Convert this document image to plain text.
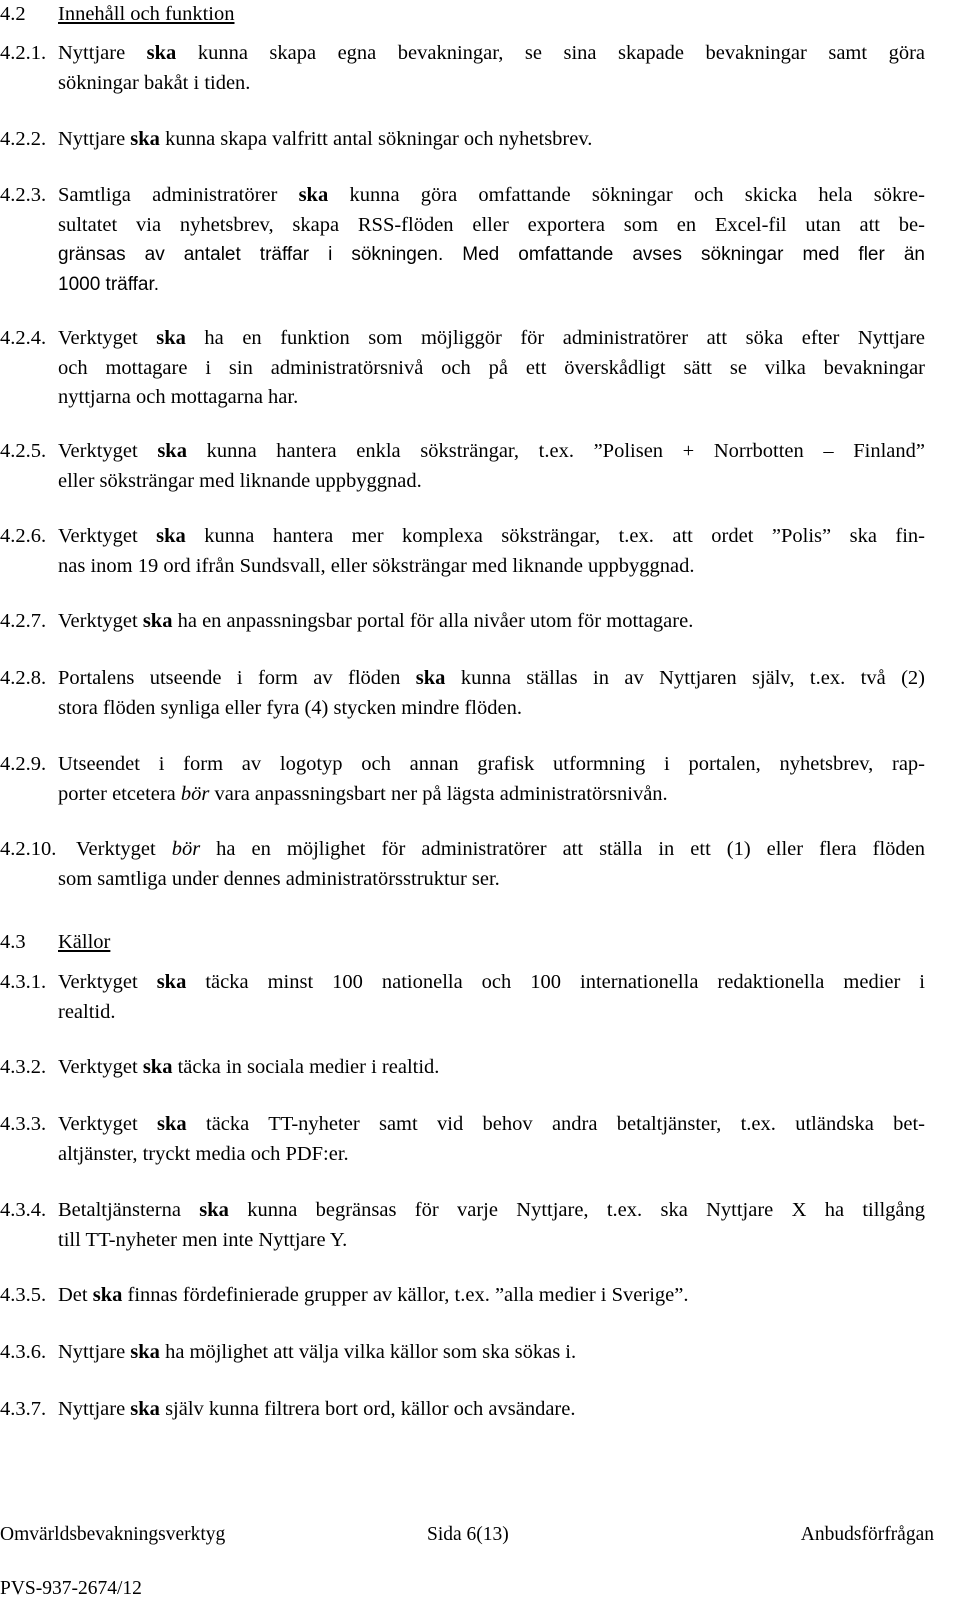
4.2 Innehåll och funktion
4.2.1. Nyttjare ska kunna skapa egna bevakningar, se sina skapade bevakningar samt göra
sökningar bakåt i tiden.
4.2.2. Nyttjare ska kunna skapa valfritt antal sökningar och nyhetsbrev.
4.2.3. Samtliga administratörer ska kunna göra omfattande sökningar och skicka hela sökre-
sultatet via nyhetsbrev, skapa RSS-flöden eller exportera som en Excel-fil utan att be-
gränsas av antalet träffar i sökningen. Med omfattande avses sökningar med fler än
1000 träffar.
4.2.4. Verktyget ska ha en funktion som möjliggör för administratörer att söka efter Nyttjare
och mottagare i sin administratörsnivå och på ett överskådligt sätt se vilka bevakningar
nyttjarna och mottagarna har.
4.2.5. Verktyget ska kunna hantera enkla söksträngar, t.ex. ”Polisen + Norrbotten – Finland”
eller söksträngar med liknande uppbyggnad.
4.2.6. Verktyget ska kunna hantera mer komplexa söksträngar, t.ex. att ordet ”Polis” ska fin-
nas inom 19 ord ifrån Sundsvall, eller söksträngar med liknande uppbyggnad.
4.2.7. Verktyget ska ha en anpassningsbar portal för alla nivåer utom för mottagare.
4.2.8. Portalens utseende i form av flöden ska kunna ställas in av Nyttjaren själv, t.ex. två (2)
stora flöden synliga eller fyra (4) stycken mindre flöden.
4.2.9. Utseendet i form av logotyp och annan grafisk utformning i portalen, nyhetsbrev, rap-
porter etcetera bör vara anpassningsbart ner på lägsta administratörsnivån.
4.2.10. Verktyget bör ha en möjlighet för administratörer att ställa in ett (1) eller flera flöden
som samtliga under dennes administratörsstruktur ser.
4.3 Källor
4.3.1. Verktyget ska täcka minst 100 nationella och 100 internationella redaktionella medier i
realtid.
4.3.2. Verktyget ska täcka in sociala medier i realtid.
4.3.3. Verktyget ska täcka TT-nyheter samt vid behov andra betaltjänster, t.ex. utländska bet-
altjänster, tryckt media och PDF:er.
4.3.4. Betaltjänsterna ska kunna begränsas för varje Nyttjare, t.ex. ska Nyttjare X ha tillgång
till TT-nyheter men inte Nyttjare Y.
4.3.5. Det ska finnas fördefinierade grupper av källor, t.ex. ”alla medier i Sverige”.
4.3.6. Nyttjare ska ha möjlighet att välja vilka källor som ska sökas i.
4.3.7. Nyttjare ska själv kunna filtrera bort ord, källor och avsändare.
Omvärldsbevakningsverktyg	Sida 6(13)	Anbudsförfrågan
PVS-937-2674/12
